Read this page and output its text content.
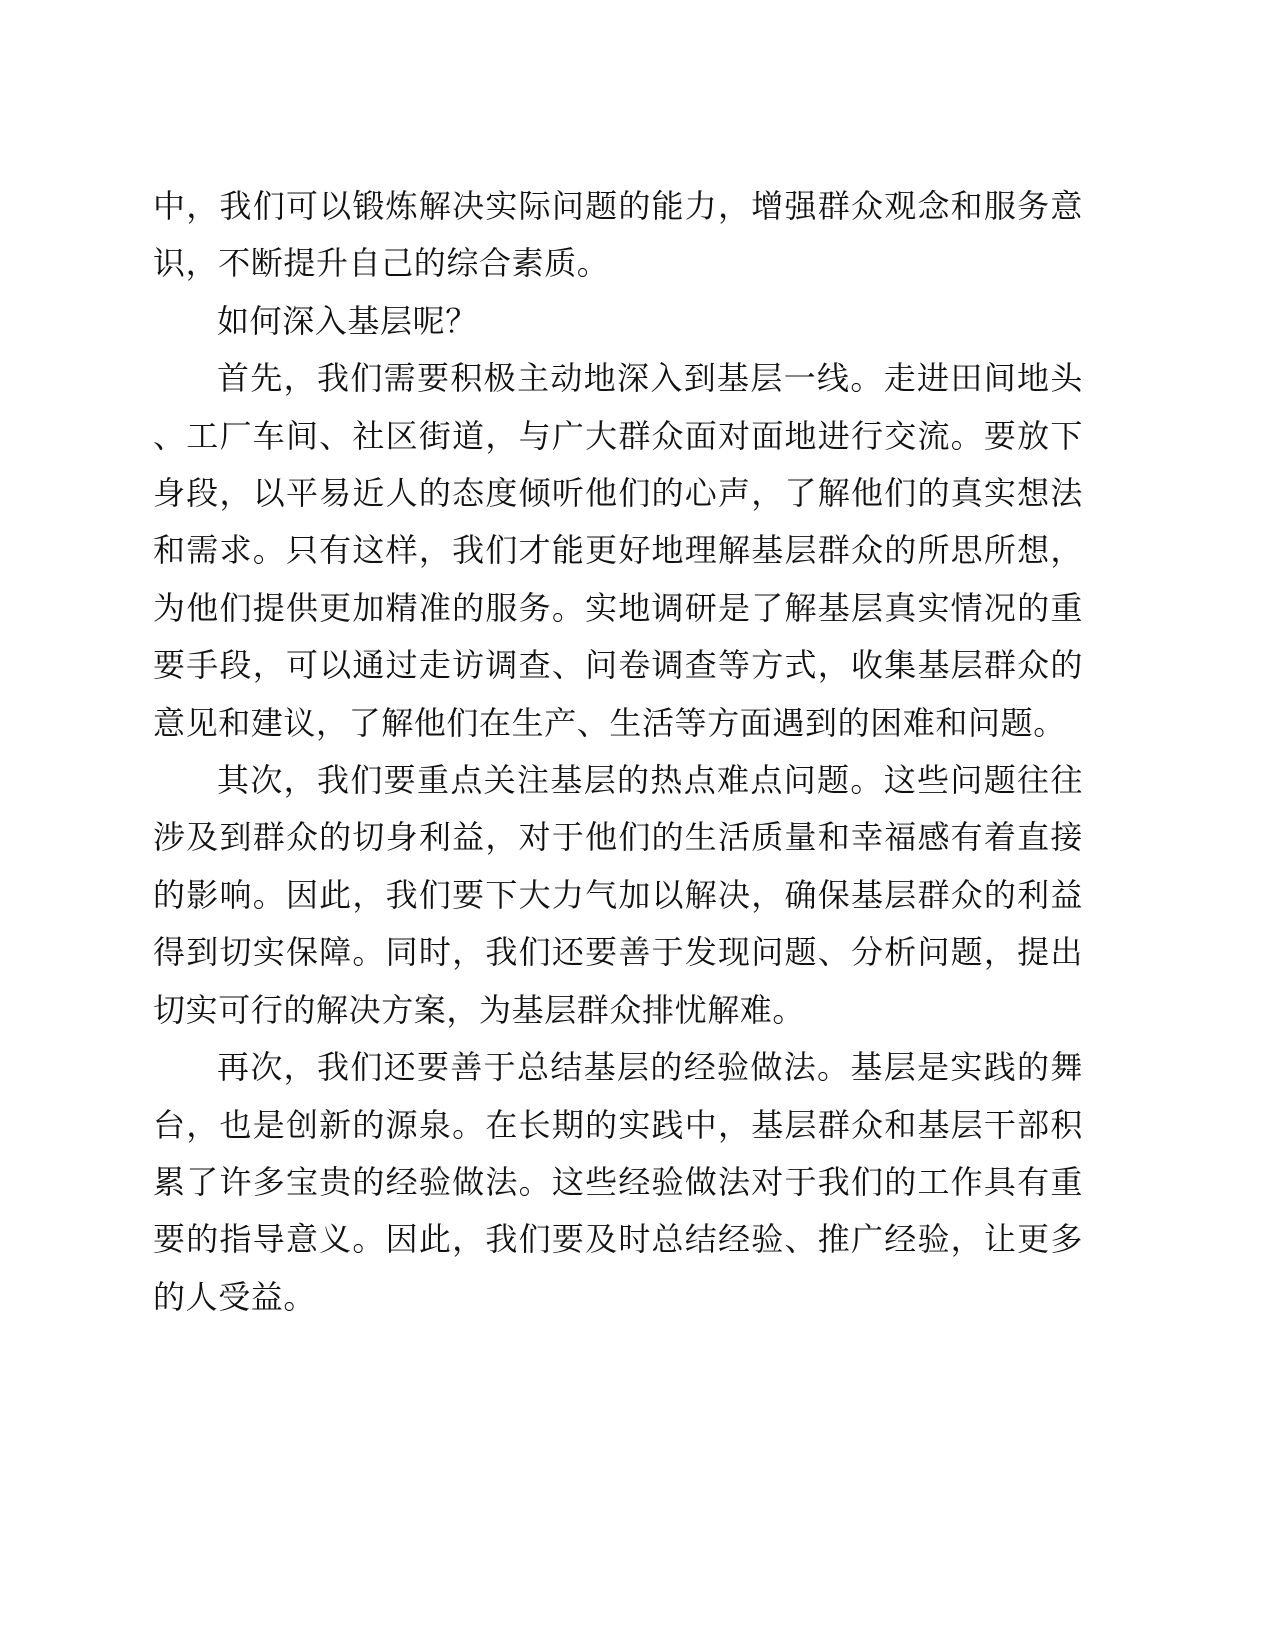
中，我们可以锻炼解决实际问题的能力，增强群众观念和服务意识，不断提升自己的综合素质。

如何深入基层呢？

首先，我们需要积极主动地深入到基层一线。走进田间地头、工厂车间、社区街道，与广大群众面对面地进行交流。要放下身段，以平易近人的态度倾听他们的心声，了解他们的真实想法和需求。只有这样，我们才能更好地理解基层群众的所思所想，为他们提供更加精准的服务。实地调研是了解基层真实情况的重要手段，可以通过走访调查、问卷调查等方式，收集基层群众的意见和建议，了解他们在生产、生活等方面遇到的困难和问题。

其次，我们要重点关注基层的热点难点问题。这些问题往往涉及到群众的切身利益，对于他们的生活质量和幸福感有着直接的影响。因此，我们要下大力气加以解决，确保基层群众的利益得到切实保障。同时，我们还要善于发现问题、分析问题，提出切实可行的解决方案，为基层群众排忧解难。

再次，我们还要善于总结基层的经验做法。基层是实践的舞台，也是创新的源泉。在长期的实践中，基层群众和基层干部积累了许多宝贵的经验做法。这些经验做法对于我们的工作具有重要的指导意义。因此，我们要及时总结经验、推广经验，让更多的人受益。
